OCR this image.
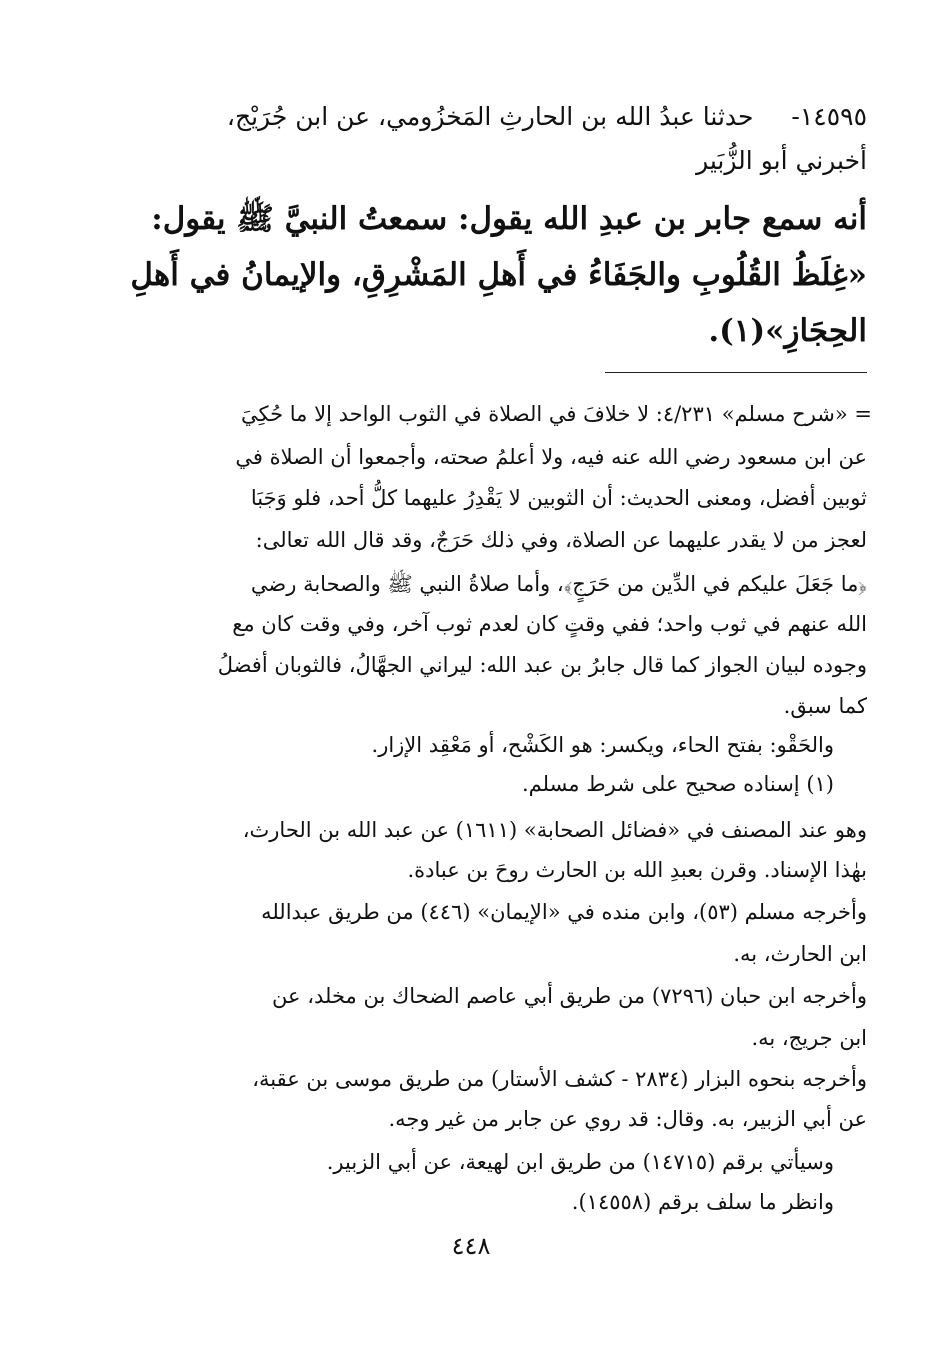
١٤٥٩٥-  حدثنا عبدُ الله بن الحارثِ المَخزُومي، عن ابن جُرَيْج،
أخبرني أبو الزُّبَير
أنه سمع جابر بن عبدِ الله يقول: سمعتُ النبيَّ ﷺ يقول:
«غِلَظُ القُلُوبِ والجَفَاءُ في أَهلِ المَشْرِقِ، والإيمانُ في أَهلِ
الحِجَازِ»(١).
= «شرح مسلم» ٤/٢٣١: لا خلافَ في الصلاة في الثوب الواحد إلا ما حُكِيَ
عن ابن مسعود رضي الله عنه فيه، ولا أعلمُ صحته، وأجمعوا أن الصلاة في
ثوبين أفضل، ومعنى الحديث: أن الثوبين لا يَقْدِرُ عليهما كلُّ أحد، فلو وَجَبَا
لعجز من لا يقدر عليهما عن الصلاة، وفي ذلك حَرَجٌ، وقد قال الله تعالى:
﴿ما جَعَلَ عليكم في الدِّين من حَرَجٍ﴾، وأما صلاةُ النبي ﷺ والصحابة رضي
الله عنهم في ثوب واحد؛ ففي وقتٍ كان لعدم ثوب آخر، وفي وقت كان مع
وجوده لبيان الجواز كما قال جابرُ بن عبد الله: ليراني الجهَّالُ، فالثوبان أفضلُ
كما سبق.
والحَقْو: بفتح الحاء، ويكسر: هو الكَشْح، أو مَعْقِد الإزار.
(١) إسناده صحيح على شرط مسلم.
وهو عند المصنف في «فضائل الصحابة» (١٦١١) عن عبد الله بن الحارث،
بهٰذا الإسناد. وقرن بعبدِ الله بن الحارث روحَ بن عبادة.
وأخرجه مسلم (٥٣)، وابن منده في «الإيمان» (٤٤٦) من طريق عبدالله
ابن الحارث، به.
وأخرجه ابن حبان (٧٢٩٦) من طريق أبي عاصم الضحاك بن مخلد، عن
ابن جريج، به.
وأخرجه بنحوه البزار (٢٨٣٤ - كشف الأستار) من طريق موسى بن عقبة،
عن أبي الزبير، به. وقال: قد روي عن جابر من غير وجه.
وسيأتي برقم (١٤٧١٥) من طريق ابن لهيعة، عن أبي الزبير.
وانظر ما سلف برقم (١٤٥٥٨).
٤٤٨
